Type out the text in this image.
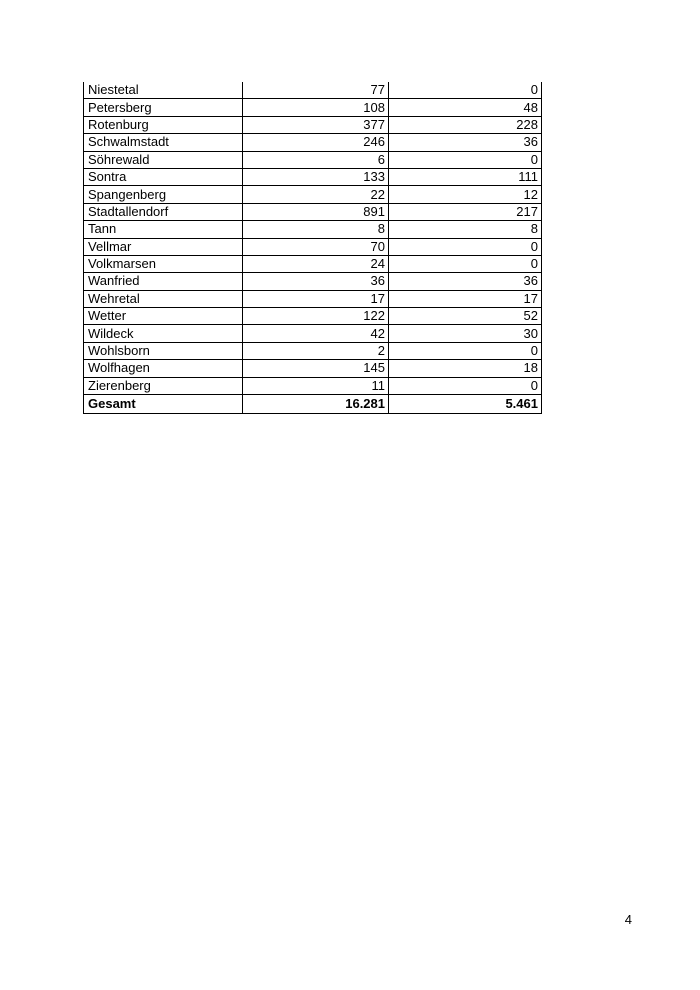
Niestetal	77	0
Petersberg	108	48
Rotenburg	377	228
Schwalmstadt	246	36
Söhrewald	6	0
Sontra	133	111
Spangenberg	22	12
Stadtallendorf	891	217
Tann	8	8
Vellmar	70	0
Volkmarsen	24	0
Wanfried	36	36
Wehretal	17	17
Wetter	122	52
Wildeck	42	30
Wohlsborn	2	0
Wolfhagen	145	18
Zierenberg	11	0
Gesamt	16.281	5.461
4
